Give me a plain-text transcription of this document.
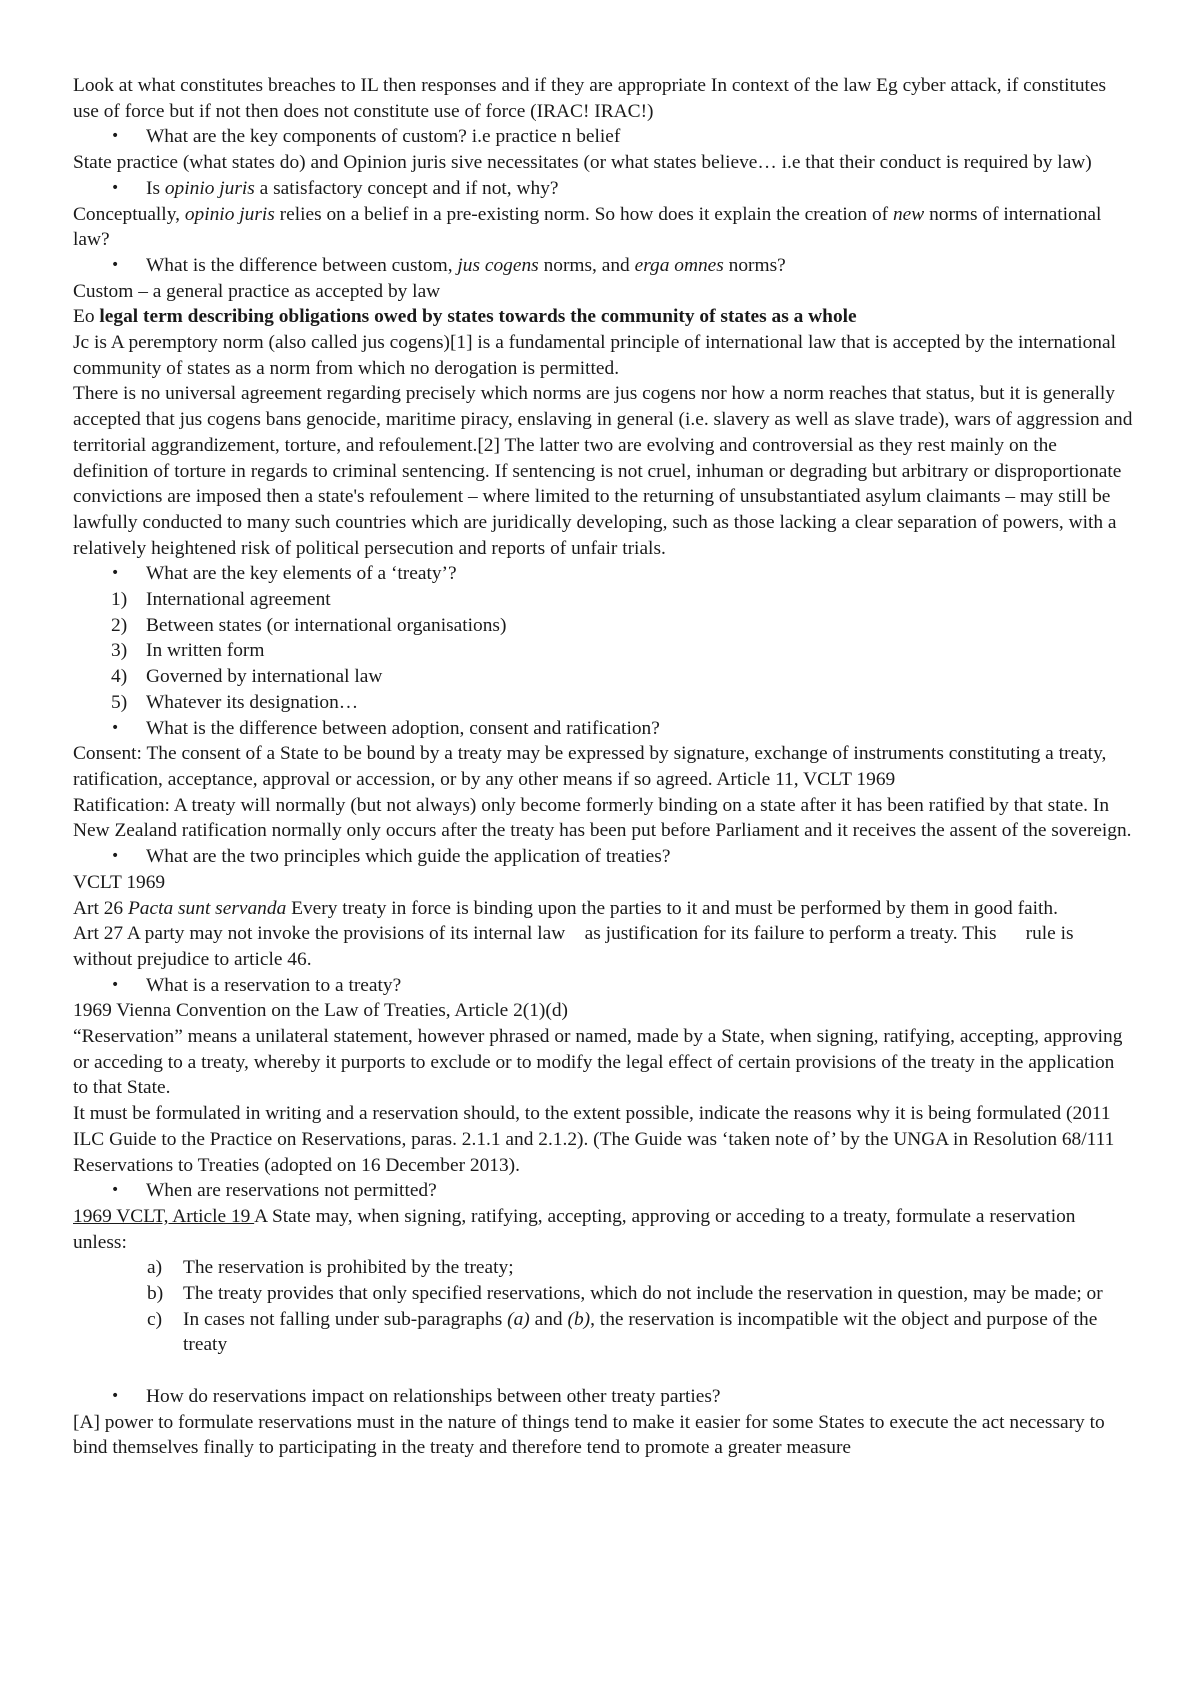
Look at what constitutes breaches to IL then responses and if they are appropriate In context of the law Eg cyber attack, if constitutes use of force but if not then does not constitute use of force (IRAC! IRAC!)

• What are the key components of custom? i.e practice n belief

State practice (what states do) and Opinion juris sive necessitates (or what states believe… i.e that their conduct is required by law)

• Is opinio juris a satisfactory concept and if not, why?

Conceptually, opinio juris relies on a belief in a pre-existing norm. So how does it explain the creation of new norms of international law?

• What is the difference between custom, jus cogens norms, and erga omnes norms?

Custom – a general practice as accepted by law

Eo legal term describing obligations owed by states towards the community of states as a whole

Jc is A peremptory norm (also called jus cogens)[1] is a fundamental principle of international law that is accepted by the international community of states as a norm from which no derogation is permitted.

There is no universal agreement regarding precisely which norms are jus cogens nor how a norm reaches that status, but it is generally accepted that jus cogens bans genocide, maritime piracy, enslaving in general (i.e. slavery as well as slave trade), wars of aggression and territorial aggrandizement, torture, and refoulement.[2] The latter two are evolving and controversial as they rest mainly on the definition of torture in regards to criminal sentencing. If sentencing is not cruel, inhuman or degrading but arbitrary or disproportionate convictions are imposed then a state's refoulement – where limited to the returning of unsubstantiated asylum claimants – may still be lawfully conducted to many such countries which are juridically developing, such as those lacking a clear separation of powers, with a relatively heightened risk of political persecution and reports of unfair trials.

• What are the key elements of a ‘treaty’?

1) International agreement

2) Between states (or international organisations)

3) In written form

4) Governed by international law

5) Whatever its designation…

• What is the difference between adoption, consent and ratification?

Consent: The consent of a State to be bound by a treaty may be expressed by signature, exchange of instruments constituting a treaty, ratification, acceptance, approval or accession, or by any other means if so agreed. Article 11, VCLT 1969

Ratification: A treaty will normally (but not always) only become formerly binding on a state after it has been ratified by that state. In New Zealand ratification normally only occurs after the treaty has been put before Parliament and it receives the assent of the sovereign.

• What are the two principles which guide the application of treaties?

VCLT 1969

Art 26 Pacta sunt servanda Every treaty in force is binding upon the parties to it and must be performed by them in good faith.

Art 27 A party may not invoke the provisions of its internal law    as justification for its failure to perform a treaty. This      rule is without prejudice to article 46.

• What is a reservation to a treaty?

1969 Vienna Convention on the Law of Treaties, Article 2(1)(d)

“Reservation” means a unilateral statement, however phrased or named, made by a State, when signing, ratifying, accepting, approving or acceding to a treaty, whereby it purports to exclude or to modify the legal effect of certain provisions of the treaty in the application to that State.

It must be formulated in writing and a reservation should, to the extent possible, indicate the reasons why it is being formulated (2011 ILC Guide to the Practice on Reservations, paras. 2.1.1 and 2.1.2). (The Guide was ‘taken note of’ by the UNGA in Resolution 68/111 Reservations to Treaties (adopted on 16 December 2013).

• When are reservations not permitted?

1969 VCLT, Article 19 A State may, when signing, ratifying, accepting, approving or acceding to a treaty, formulate a reservation unless:

a) The reservation is prohibited by the treaty;

b) The treaty provides that only specified reservations, which do not include the reservation in question, may be made; or

c) In cases not falling under sub-paragraphs (a) and (b), the reservation is incompatible wit the object and purpose of the treaty

• How do reservations impact on relationships between other treaty parties?

[A] power to formulate reservations must in the nature of things tend to make it easier for some States to execute the act necessary to bind themselves finally to participating in the treaty and therefore tend to promote a greater measure
